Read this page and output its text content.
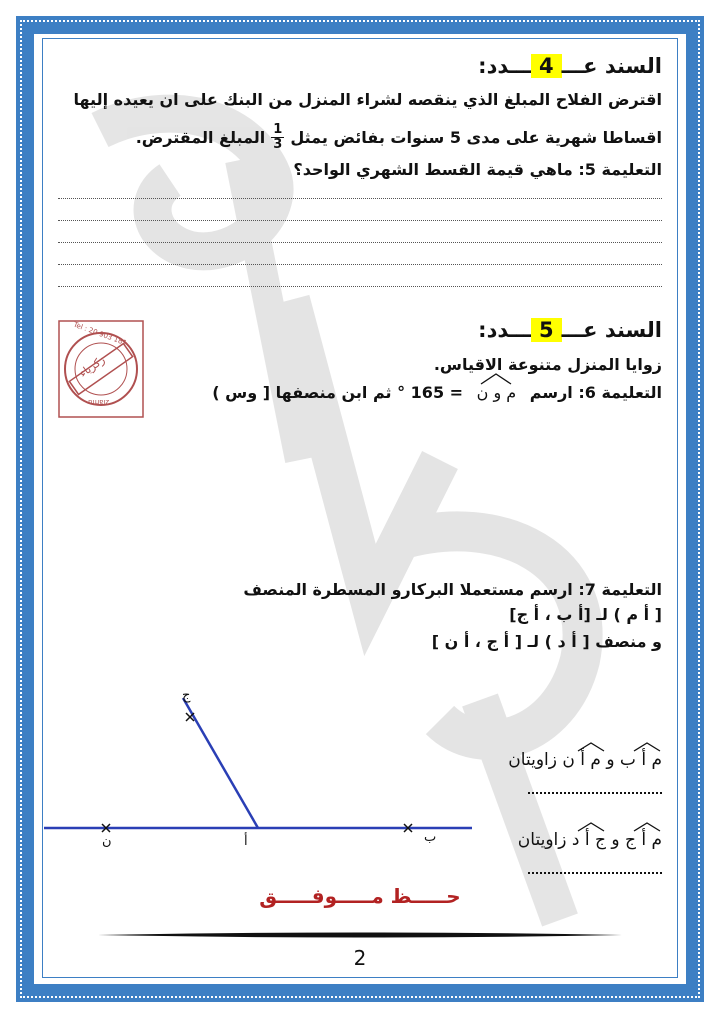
السند عـــ4ـــدد:
اقترض الفلاح المبلغ الذي ينقصه لشراء المنزل من البنك على ان يعيده إليها
اقساطا شهرية على مدى 5 سنوات بفائض يمثل
1
3
المبلغ المقترض.
التعليمة 5: ماهي قيمة القسط الشهري الواحد؟
Tel : 20 903 181
زكرياء
ziamu
السند عـــ5ـــدد:
زوايا المنزل متنوعة الاقياس.
التعليمة 6: ارسم
م و ن = 165 ° ثم ابن منصفها [ وس )
التعليمة 7: ارسم مستعملا البركارو المسطرة المنصف
[ أ م ) لـ [أ ب ، أ ج]
و منصف [ أ د ) لـ [ أ ج ، أ ن ]
ج
أ	ب
ن
م أ ب و م أ ن زاويتان
م أ ج و ج أ د زاويتان
حـــــظ مـــــوفـــــق
2
